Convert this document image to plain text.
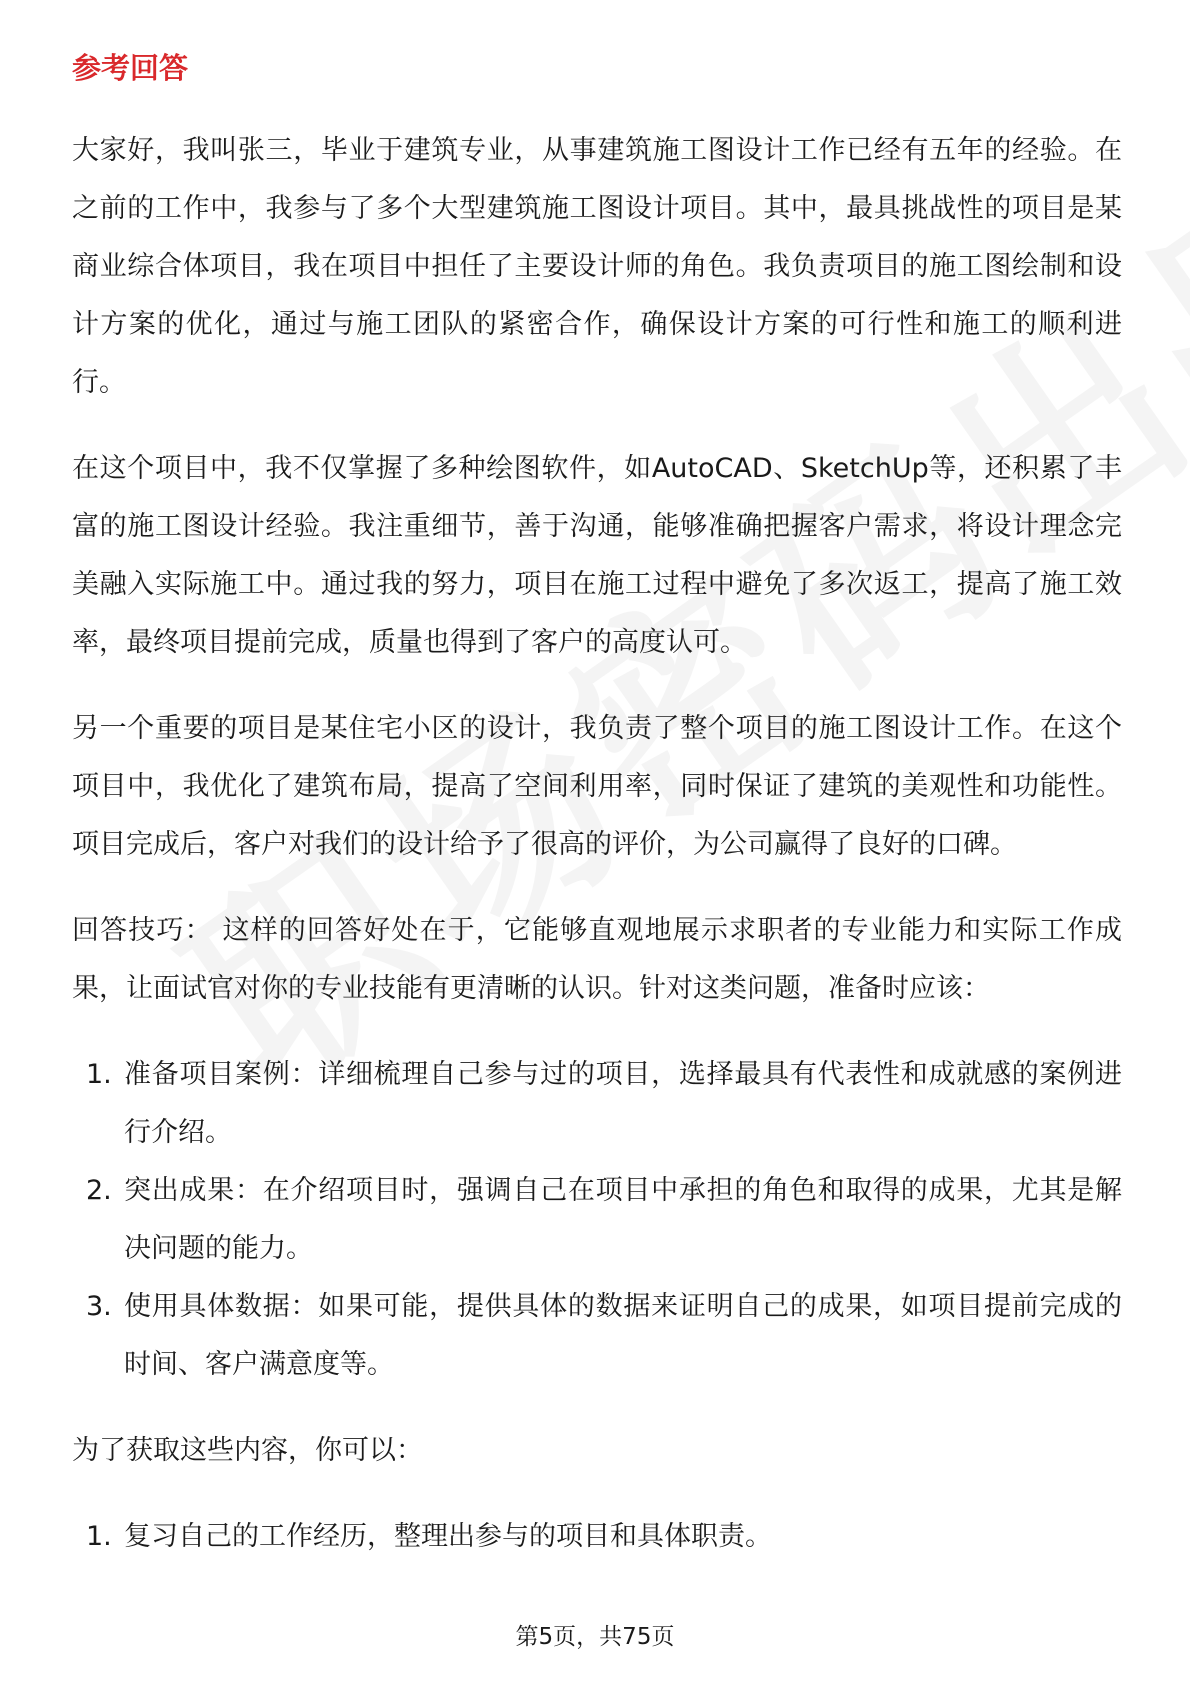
参考回答

大家好，我叫张三，毕业于建筑专业，从事建筑施工图设计工作已经有五年的经验。在之前的工作中，我参与了多个大型建筑施工图设计项目。其中，最具挑战性的项目是某商业综合体项目，我在项目中担任了主要设计师的角色。我负责项目的施工图绘制和设计方案的优化，通过与施工团队的紧密合作，确保设计方案的可行性和施工的顺利进行。

在这个项目中，我不仅掌握了多种绘图软件，如AutoCAD、SketchUp等，还积累了丰富的施工图设计经验。我注重细节，善于沟通，能够准确把握客户需求，将设计理念完美融入实际施工中。通过我的努力，项目在施工过程中避免了多次返工，提高了施工效率，最终项目提前完成，质量也得到了客户的高度认可。

另一个重要的项目是某住宅小区的设计，我负责了整个项目的施工图设计工作。在这个项目中，我优化了建筑布局，提高了空间利用率，同时保证了建筑的美观性和功能性。项目完成后，客户对我们的设计给予了很高的评价，为公司赢得了良好的口碑。

回答技巧： 这样的回答好处在于，它能够直观地展示求职者的专业能力和实际工作成果，让面试官对你的专业技能有更清晰的认识。针对这类问题，准备时应该：

1. 准备项目案例：详细梳理自己参与过的项目，选择最具有代表性和成就感的案例进行介绍。
2. 突出成果：在介绍项目时，强调自己在项目中承担的角色和取得的成果，尤其是解决问题的能力。
3. 使用具体数据：如果可能，提供具体的数据来证明自己的成果，如项目提前完成的时间、客户满意度等。

为了获取这些内容，你可以：

1. 复习自己的工作经历，整理出参与的项目和具体职责。
第5页，共75页
